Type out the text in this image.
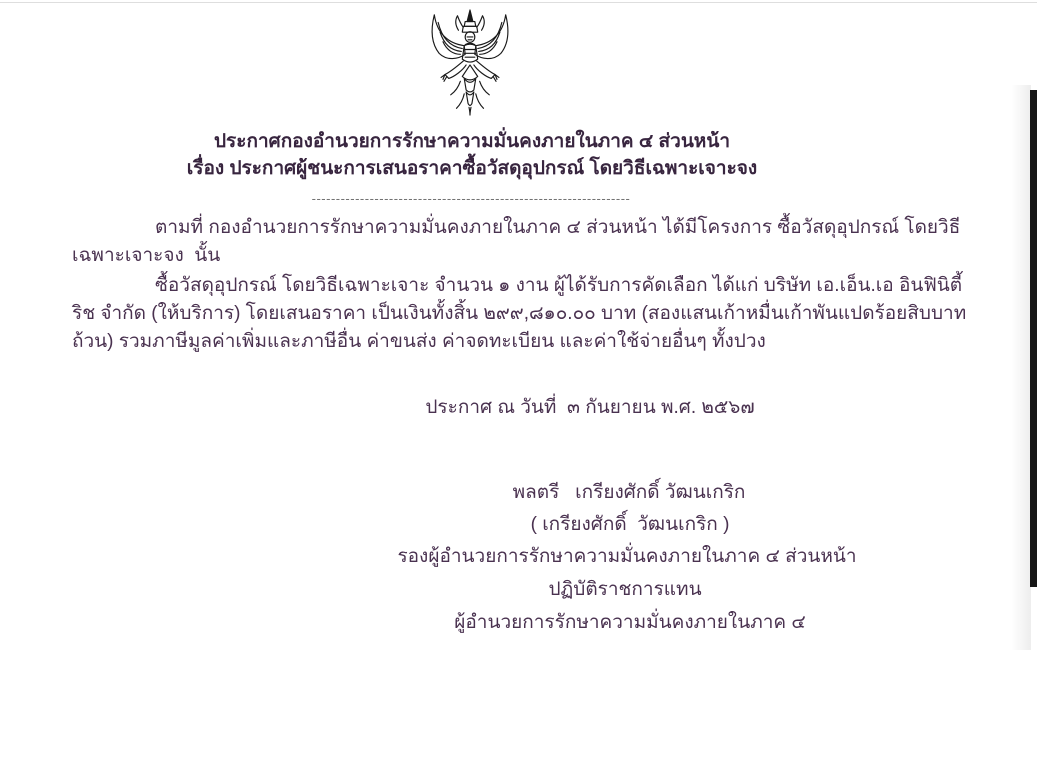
ประกาศกองอำนวยการรักษาความมั่นคงภายในภาค ๔ ส่วนหน้า
เรื่อง ประกาศผู้ชนะการเสนอราคาซื้อวัสดุอุปกรณ์ โดยวิธีเฉพาะเจาะจง
------------------------------------------------------------------
ตามที่ กองอำนวยการรักษาความมั่นคงภายในภาค ๔ ส่วนหน้า ได้มีโครงการ ซื้อวัสดุอุปกรณ์ โดยวิธี
เฉพาะเจาะจง  นั้น
ซื้อวัสดุอุปกรณ์ โดยวิธีเฉพาะเจาะ จำนวน ๑ งาน ผู้ได้รับการคัดเลือก ได้แก่ บริษัท เอ.เอ็น.เอ อินฟินิตี้
ริช จำกัด (ให้บริการ) โดยเสนอราคา เป็นเงินทั้งสิ้น ๒๙๙,๘๑๐.๐๐ บาท (สองแสนเก้าหมื่นเก้าพันแปดร้อยสิบบาท
ถ้วน) รวมภาษีมูลค่าเพิ่มและภาษีอื่น ค่าขนส่ง ค่าจดทะเบียน และค่าใช้จ่ายอื่นๆ ทั้งปวง
ประกาศ ณ วันที่  ๓ กันยายน พ.ศ. ๒๕๖๗
พลตรี   เกรียงศักดิ์ วัฒนเกริก
( เกรียงศักดิ์  วัฒนเกริก )
รองผู้อำนวยการรักษาความมั่นคงภายในภาค ๔ ส่วนหน้า
ปฏิบัติราชการแทน
ผู้อำนวยการรักษาความมั่นคงภายในภาค ๔
